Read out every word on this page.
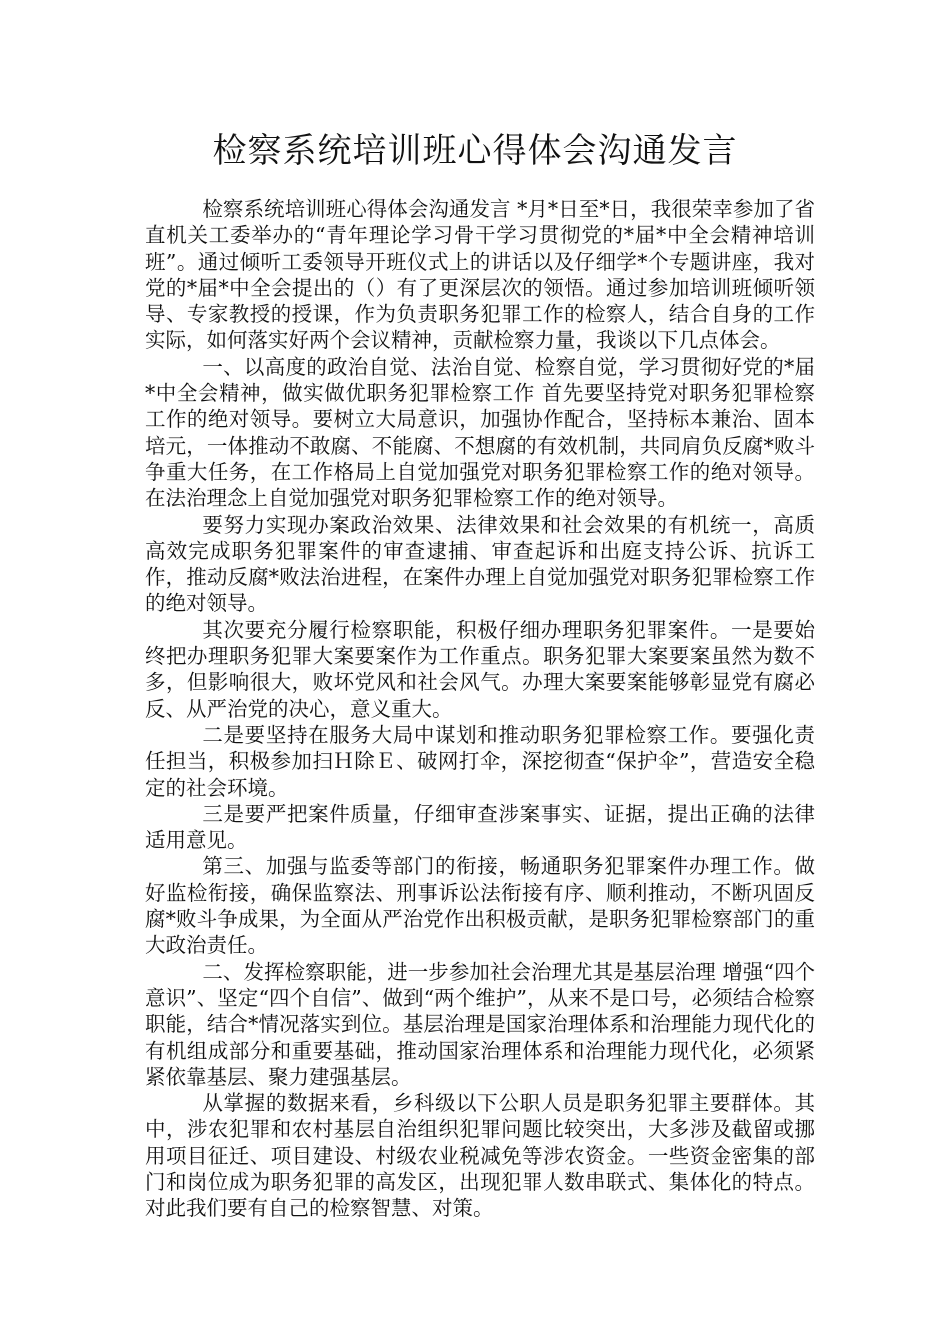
检察系统培训班心得体会沟通发言

检察系统培训班心得体会沟通发言 *月*日至*日，我很荣幸参加了省直机关工委举办的“青年理论学习骨干学习贯彻党的*届*中全会精神培训班”。通过倾听工委领导开班仪式上的讲话以及仔细学*个专题讲座，我对党的*届*中全会提出的（）有了更深层次的领悟。通过参加培训班倾听领导、专家教授的授课，作为负责职务犯罪工作的检察人，结合自身的工作实际，如何落实好两个会议精神，贡献检察力量，我谈以下几点体会。

一、以高度的政治自觉、法治自觉、检察自觉，学习贯彻好党的*届*中全会精神，做实做优职务犯罪检察工作 首先要坚持党对职务犯罪检察工作的绝对领导。要树立大局意识，加强协作配合，坚持标本兼治、固本培元，一体推动不敢腐、不能腐、不想腐的有效机制，共同肩负反腐*败斗争重大任务，在工作格局上自觉加强党对职务犯罪检察工作的绝对领导。在法治理念上自觉加强党对职务犯罪检察工作的绝对领导。

要努力实现办案政治效果、法律效果和社会效果的有机统一，高质高效完成职务犯罪案件的审查逮捕、审查起诉和出庭支持公诉、抗诉工作，推动反腐*败法治进程，在案件办理上自觉加强党对职务犯罪检察工作的绝对领导。

其次要充分履行检察职能，积极仔细办理职务犯罪案件。一是要始终把办理职务犯罪大案要案作为工作重点。职务犯罪大案要案虽然为数不多，但影响很大，败坏党风和社会风气。办理大案要案能够彰显党有腐必反、从严治党的决心，意义重大。

二是要坚持在服务大局中谋划和推动职务犯罪检察工作。要强化责任担当，积极参加扫Ｈ除Ｅ、破网打伞，深挖彻查“保护伞”，营造安全稳定的社会环境。

三是要严把案件质量，仔细审查涉案事实、证据，提出正确的法律适用意见。

第三、加强与监委等部门的衔接，畅通职务犯罪案件办理工作。做好监检衔接，确保监察法、刑事诉讼法衔接有序、顺利推动，不断巩固反腐*败斗争成果，为全面从严治党作出积极贡献，是职务犯罪检察部门的重大政治责任。

二、发挥检察职能，进一步参加社会治理尤其是基层治理 增强“四个意识”、坚定“四个自信”、做到“两个维护”，从来不是口号，必须结合检察职能，结合*情况落实到位。基层治理是国家治理体系和治理能力现代化的有机组成部分和重要基础，推动国家治理体系和治理能力现代化，必须紧紧依靠基层、聚力建强基层。

从掌握的数据来看，乡科级以下公职人员是职务犯罪主要群体。其中，涉农犯罪和农村基层自治组织犯罪问题比较突出，大多涉及截留或挪用项目征迁、项目建设、村级农业税减免等涉农资金。一些资金密集的部门和岗位成为职务犯罪的高发区，出现犯罪人数串联式、集体化的特点。对此我们要有自己的检察智慧、对策。
